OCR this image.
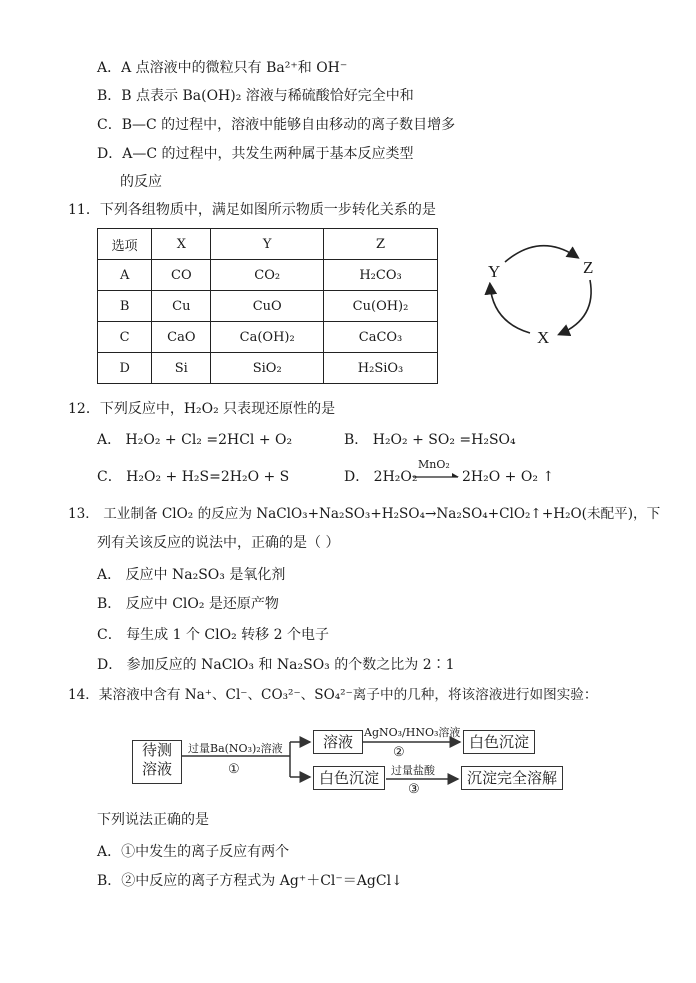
A．A 点溶液中的微粒只有 Ba²⁺和 OH⁻
B．B 点表示 Ba(OH)₂ 溶液与稀硫酸恰好完全中和
C．B—C 的过程中，溶液中能够自由移动的离子数目增多
D．A—C 的过程中，共发生两种属于基本反应类型
的反应
11．下列各组物质中，满足如图所示物质一步转化关系的是
选项	X	Y	Z
A	CO	CO₂	H₂CO₃
B	Cu	CuO	Cu(OH)₂
C	CaO	Ca(OH)₂	CaCO₃
D	Si	SiO₂	H₂SiO₃
Y	Z
X
12．下列反应中，H₂O₂ 只表现还原性的是
A． H₂O₂ + Cl₂ =2HCl + O₂	B． H₂O₂ + SO₂ =H₂SO₄
C． H₂O₂ + H₂S=2H₂O + S	D． 2H₂O₂
MnO₂
2H₂O + O₂ ↑
13． 工业制备 ClO₂ 的反应为 NaClO₃+Na₂SO₃+H₂SO₄→Na₂SO₄+ClO₂↑+H₂O(未配平)，下
列有关该反应的说法中，正确的是（ ）
A． 反应中 Na₂SO₃ 是氧化剂
B． 反应中 ClO₂ 是还原产物
C． 每生成 1 个 ClO₂ 转移 2 个电子
D． 参加反应的 NaClO₃ 和 Na₂SO₃ 的个数之比为 2∶1
14．某溶液中含有 Na⁺、Cl⁻、CO₃²⁻、SO₄²⁻离子中的几种，将该溶液进行如图实验：
待测
溶液
过量Ba(NO₃)₂溶液
①
溶液
AgNO₃/HNO₃溶液
②
白色沉淀
白色沉淀	过量盐酸
③
沉淀完全溶解
下列说法正确的是
A．①中发生的离子反应有两个
B．②中反应的离子方程式为 Ag⁺＋Cl⁻＝AgCl↓
